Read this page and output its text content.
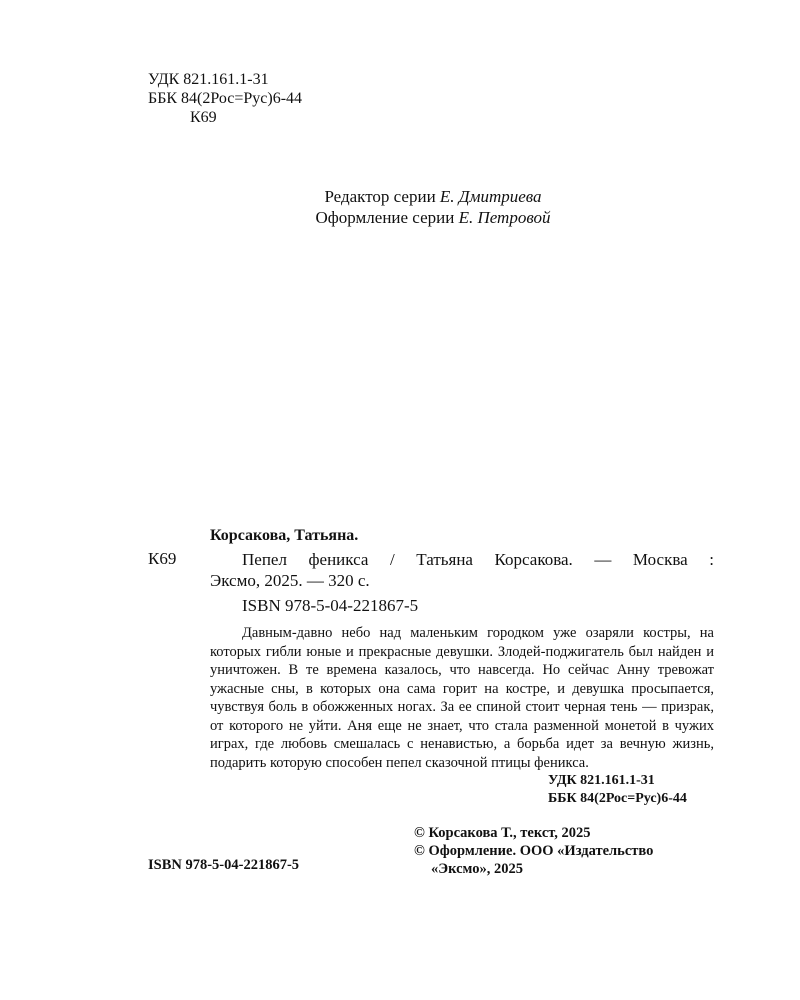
УДК 821.161.1-31
ББК 84(2Рос=Рус)6-44
К69
Редактор серии Е. Дмитриева
Оформление серии Е. Петровой
Корсакова, Татьяна.
К69	Пепел феникса / Татьяна Корсакова. — Москва :
Эксмо, 2025. — 320 с.
ISBN 978-5-04-221867-5
Давным-давно небо над маленьким городком уже озаряли костры, на которых гибли юные и прекрасные девушки. Злодей-поджигатель был найден и уничтожен. В те времена казалось, что навсегда. Но сейчас Анну тревожат ужасные сны, в которых она сама горит на костре, и девушка просыпается, чувствуя боль в обожженных ногах. За ее спиной стоит черная тень — призрак, от которого не уйти. Аня еще не знает, что стала разменной монетой в чужих играх, где любовь смешалась с ненавистью, а борьба идет за вечную жизнь, подарить которую способен пепел сказочной птицы феникса.
УДК 821.161.1-31
ББК 84(2Рос=Рус)6-44
© Корсакова Т., текст, 2025
© Оформление. ООО «Издательство
«Эксмо», 2025
ISBN 978-5-04-221867-5
